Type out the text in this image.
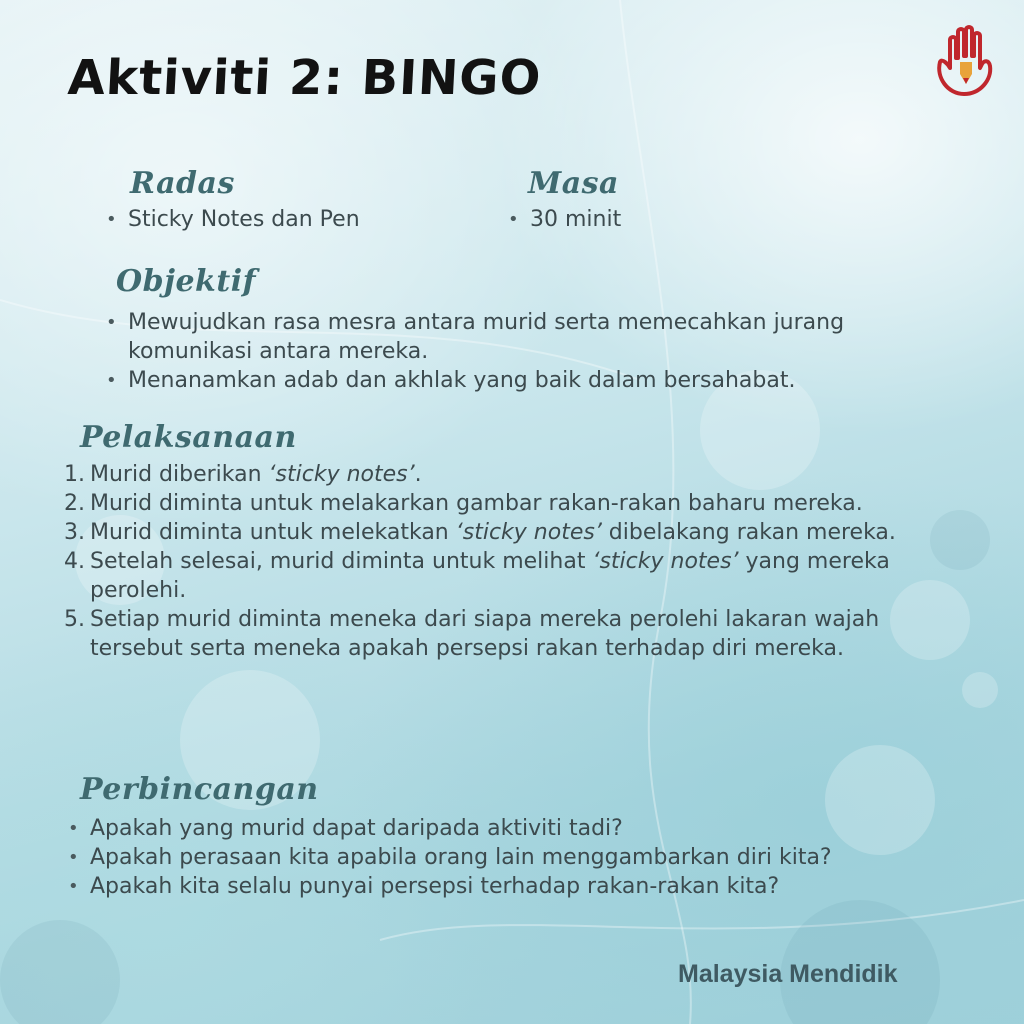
Aktiviti 2: BINGO
Radas
• Sticky Notes dan Pen
Masa
• 30 minit
Objektif
• Mewujudkan rasa mesra antara murid serta memecahkan jurang komunikasi antara mereka.
• Menanamkan adab dan akhlak yang baik dalam bersahabat.
Pelaksanaan
1. Murid diberikan ‘sticky notes’.
2. Murid diminta untuk melakarkan gambar rakan-rakan baharu mereka.
3. Murid diminta untuk melekatkan ‘sticky notes’ dibelakang rakan mereka.
4. Setelah selesai, murid diminta untuk melihat ‘sticky notes’ yang mereka perolehi.
5. Setiap murid diminta meneka dari siapa mereka perolehi lakaran wajah tersebut serta meneka apakah persepsi rakan terhadap diri mereka.
Perbincangan
• Apakah yang murid dapat daripada aktiviti tadi?
• Apakah perasaan kita apabila orang lain menggambarkan diri kita?
• Apakah kita selalu punyai persepsi terhadap rakan-rakan kita?
Malaysia Mendidik
